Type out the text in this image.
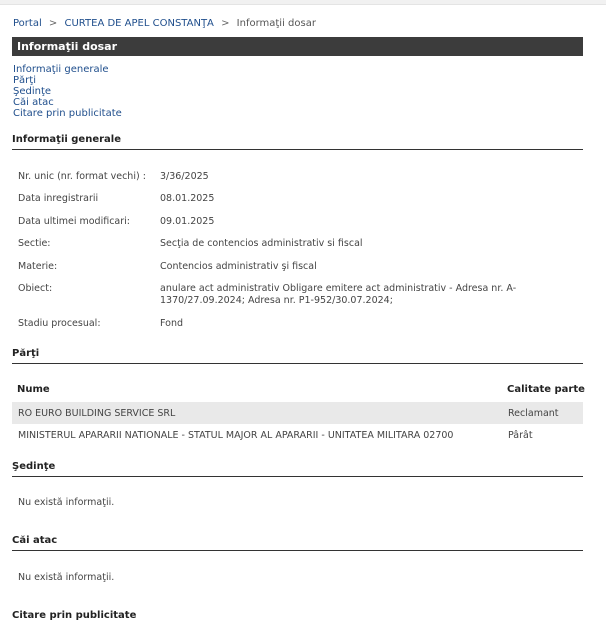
Portal > CURTEA DE APEL CONSTANŢA > Informaţii dosar
Informaţii dosar
Informaţii generale
Părţi
Şedinţe
Căi atac
Citare prin publicitate
Informaţii generale
Nr. unic (nr. format vechi) : 3/36/2025
Data inregistrarii	08.01.2025
Data ultimei modificari:	09.01.2025
Sectie:	Secţia de contencios administrativ si fiscal
Materie:	Contencios administrativ şi fiscal
Obiect:	anulare act administrativ Obligare emitere act administrativ - Adresa nr. A-1370/27.09.2024; Adresa nr. P1-952/30.07.2024;
Stadiu procesual:	Fond
Părţi
Nume	Calitate parte
RO EURO BUILDING SERVICE SRL	Reclamant
MINISTERUL APARARII NATIONALE - STATUL MAJOR AL APARARII - UNITATEA MILITARA 02700	Pârât
Şedinţe
Nu există informaţii.
Căi atac
Nu există informaţii.
Citare prin publicitate
